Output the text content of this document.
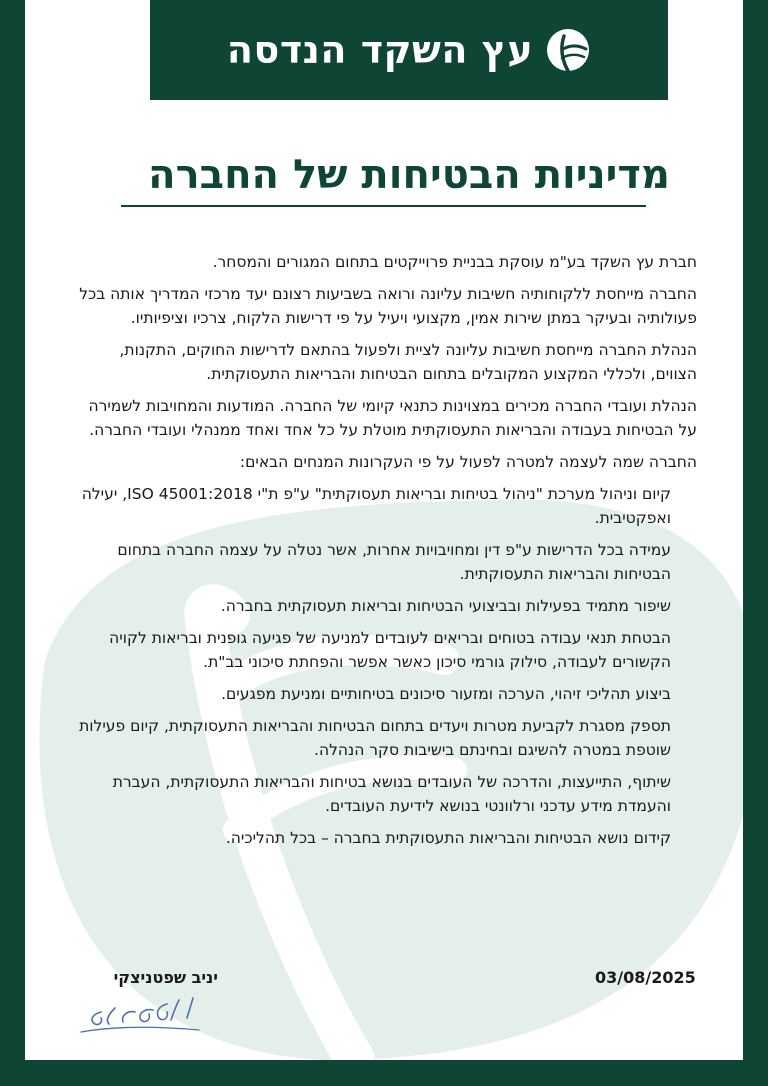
עץ השקד הנדסה
מדיניות הבטיחות של החברה

חברת עץ השקד בע"מ עוסקת בבניית פרוייקטים בתחום המגורים והמסחר.

החברה מייחסת ללקוחותיה חשיבות עליונה ורואה בשביעות רצונם יעד מרכזי המדריך אותה בכל פעולותיה ובעיקר במתן שירות אמין, מקצועי ויעיל על פי דרישות הלקוח, צרכיו וציפיותיו.

הנהלת החברה מייחסת חשיבות עליונה לציית ולפעול בהתאם לדרישות החוקים, התקנות, הצווים, ולכללי המקצוע המקובלים בתחום הבטיחות והבריאות התעסוקתית.

הנהלת ועובדי החברה מכירים במצוינות כתנאי קיומי של החברה. המודעות והמחויבות לשמירה על הבטיחות בעבודה והבריאות התעסוקתית מוטלת על כל אחד ואחד ממנהלי ועובדי החברה.

החברה שמה לעצמה למטרה לפעול על פי העקרונות המנחים הבאים:

קיום וניהול מערכת "ניהול בטיחות ובריאות תעסוקתית" ע"פ ת"י ISO 45001:2018, יעילה ואפקטיבית.
עמידה בכל הדרישות ע"פ דין ומחויבויות אחרות, אשר נטלה על עצמה החברה בתחום הבטיחות והבריאות התעסוקתית.
שיפור מתמיד בפעילות ובביצועי הבטיחות ובריאות תעסוקתית בחברה.
הבטחת תנאי עבודה בטוחים ובריאים לעובדים למניעה של פגיעה גופנית ובריאות לקויה הקשורים לעבודה, סילוק גורמי סיכון כאשר אפשר והפחתת סיכוני בב"ת.
ביצוע תהליכי זיהוי, הערכה ומזעור סיכונים בטיחותיים ומניעת מפגעים.
תספק מסגרת לקביעת מטרות ויעדים בתחום הבטיחות והבריאות התעסוקתית, קיום פעילות שוטפת במטרה להשיגם ובחינתם בישיבות סקר הנהלה.
שיתוף, התייעצות, והדרכה של העובדים בנושא בטיחות והבריאות התעסוקתית, העברת והעמדת מידע עדכני ורלוונטי בנושא לידיעת העובדים.
קידום נושא הבטיחות והבריאות התעסוקתית בחברה – בכל תהליכיה.
03/08/2025
יניב שפטניצקי
